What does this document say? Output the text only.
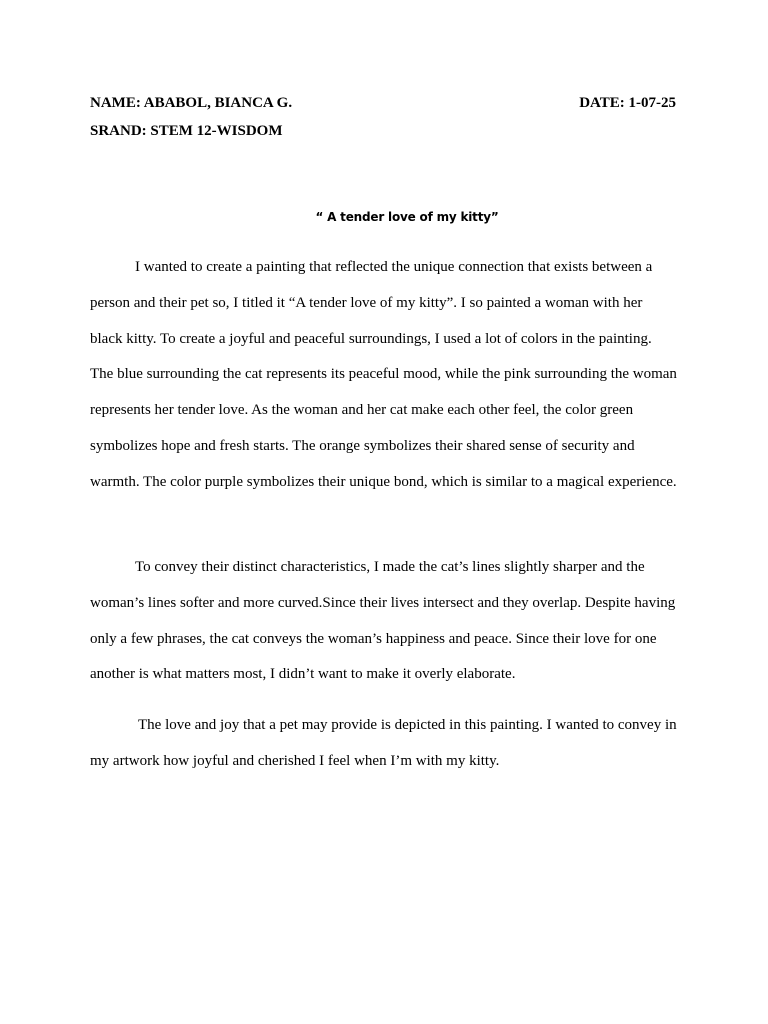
NAME: ABABOL, BIANCA G.	DATE: 1-07-25
SRAND: STEM 12-WISDOM
“ A tender love of my kitty”

I wanted to create a painting that reflected the unique connection that exists between a person and their pet so, I titled it “A tender love of my kitty”. I so painted a woman with her black kitty. To create a joyful and peaceful surroundings, I used a lot of colors in the painting. The blue surrounding the cat represents its peaceful mood, while the pink surrounding the woman represents her tender love. As the woman and her cat make each other feel, the color green symbolizes hope and fresh starts. The orange symbolizes their shared sense of security and warmth. The color purple symbolizes their unique bond, which is similar to a magical experience.

To convey their distinct characteristics, I made the cat’s lines slightly sharper and the woman’s lines softer and more curved.Since their lives intersect and they overlap. Despite having only a few phrases, the cat conveys the woman’s happiness and peace. Since their love for one another is what matters most, I didn’t want to make it overly elaborate.

The love and joy that a pet may provide is depicted in this painting. I wanted to convey in my artwork how joyful and cherished I feel when I’m with my kitty.
